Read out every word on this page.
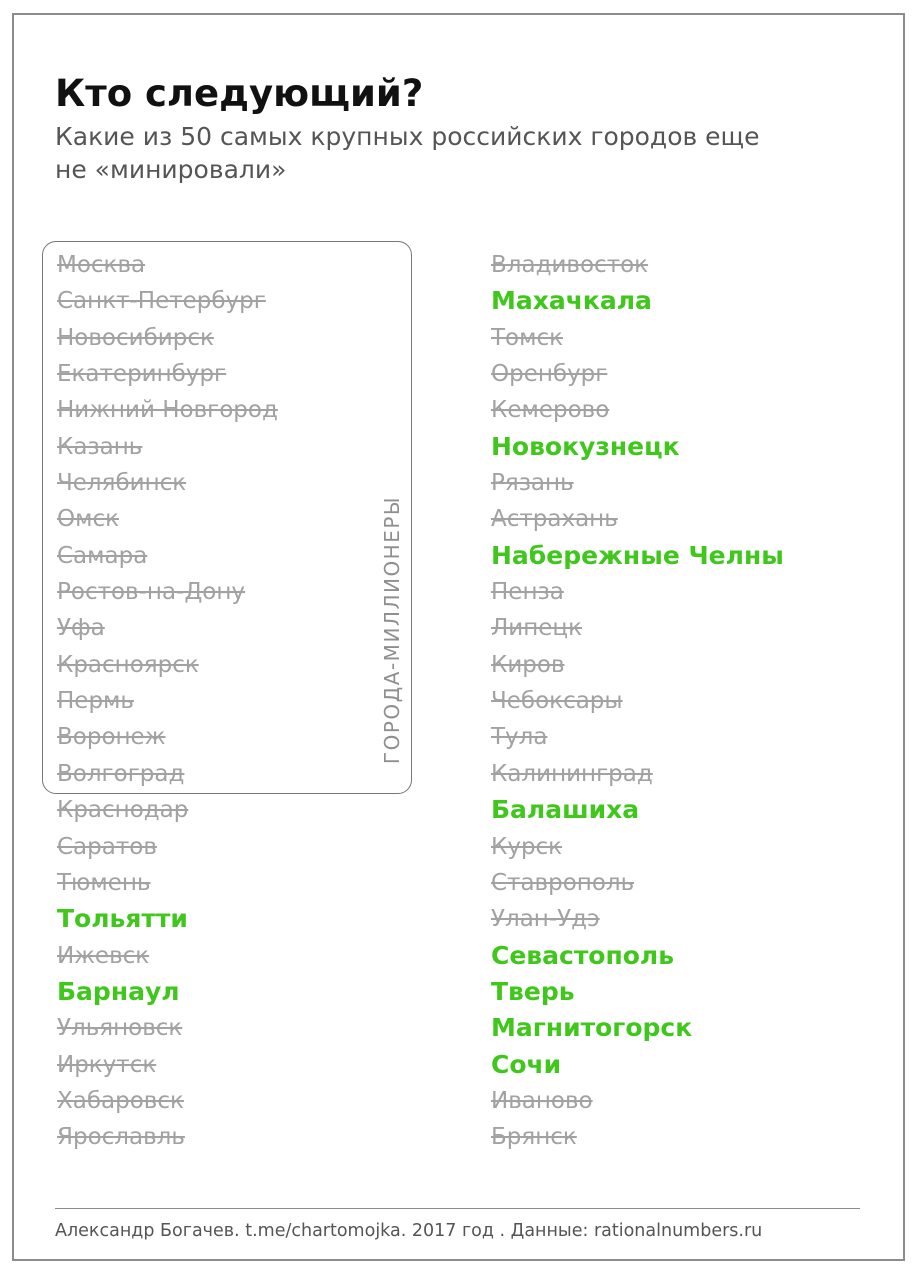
Кто следующий?

Какие из 50 самых крупных российских городов еще не «минировали»

ГОРОДА-МИЛЛИОНЕРЫ
Москва
Санкт-Петербург
Новосибирск
Екатеринбург
Нижний Новгород
Казань
Челябинск
Омск
Самара
Ростов-на-Дону
Уфа
Красноярск
Пермь
Воронеж
Волгоград
Краснодар
Саратов
Тюмень
Тольятти
Ижевск
Барнаул
Ульяновск
Иркутск
Хабаровск
Ярославль
Владивосток
Махачкала
Томск
Оренбург
Кемерово
Новокузнецк
Рязань
Астрахань
Набережные Челны
Пенза
Липецк
Киров
Чебоксары
Тула
Калининград
Балашиха
Курск
Ставрополь
Улан-Удэ
Севастополь
Тверь
Магнитогорск
Сочи
Иваново
Брянск
Александр Богачев. t.me/chartomojka. 2017 год . Данные: rationalnumbers.ru
